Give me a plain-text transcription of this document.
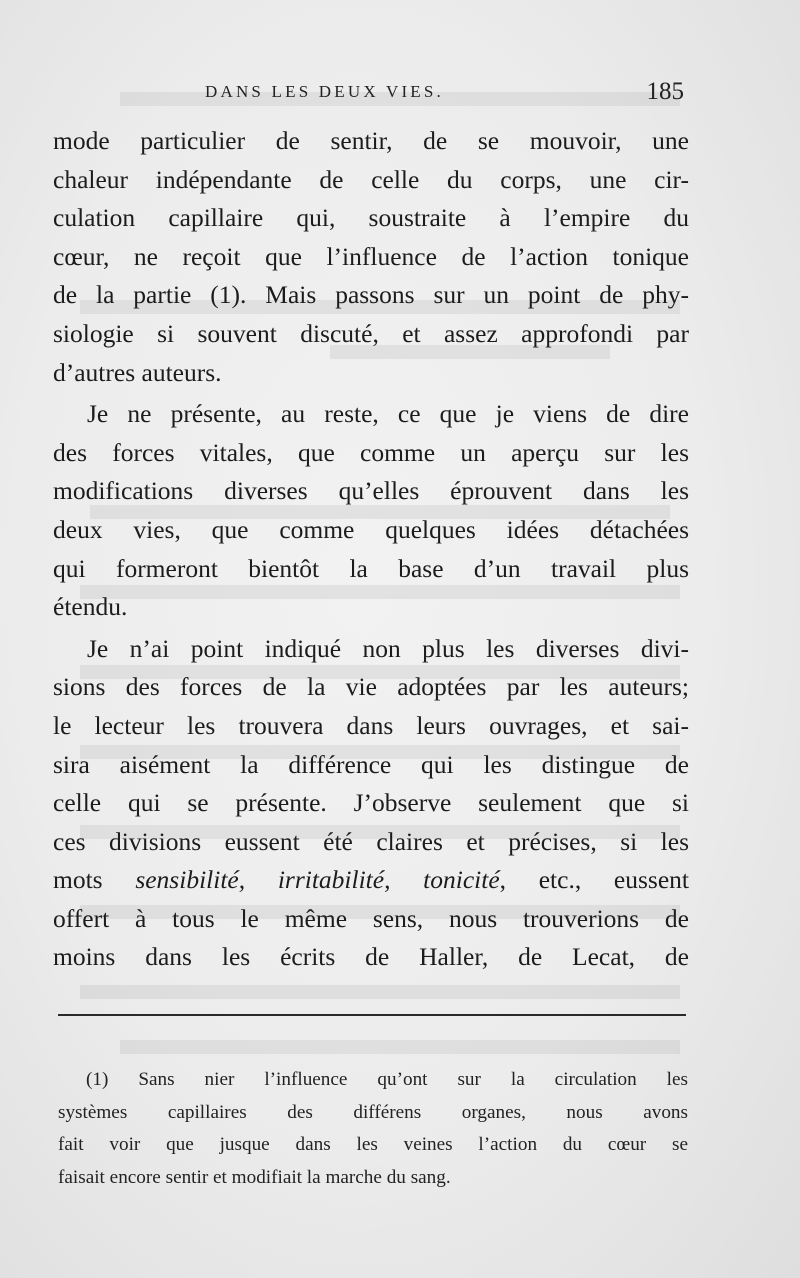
DANS LES DEUX VIES.	185
mode particulier de sentir, de se mouvoir, une
chaleur indépendante de celle du corps, une cir-
culation capillaire qui, soustraite à l’empire du
cœur, ne reçoit que l’influence de l’action tonique
de la partie (1). Mais passons sur un point de phy-
siologie si souvent discuté, et assez approfondi par
d’autres auteurs.
Je ne présente, au reste, ce que je viens de dire
des forces vitales, que comme un aperçu sur les
modifications diverses qu’elles éprouvent dans les
deux vies, que comme quelques idées détachées
qui formeront bientôt la base d’un travail plus
étendu.
Je n’ai point indiqué non plus les diverses divi-
sions des forces de la vie adoptées par les auteurs;
le lecteur les trouvera dans leurs ouvrages, et sai-
sira aisément la différence qui les distingue de
celle qui se présente. J’observe seulement que si
ces divisions eussent été claires et précises, si les
mots sensibilité, irritabilité, tonicité, etc., eussent
offert à tous le même sens, nous trouverions de
moins dans les écrits de Haller, de Lecat, de
(1) Sans nier l’influence qu’ont sur la circulation les
systèmes capillaires des différens organes, nous avons
fait voir que jusque dans les veines l’action du cœur se
faisait encore sentir et modifiait la marche du sang.
